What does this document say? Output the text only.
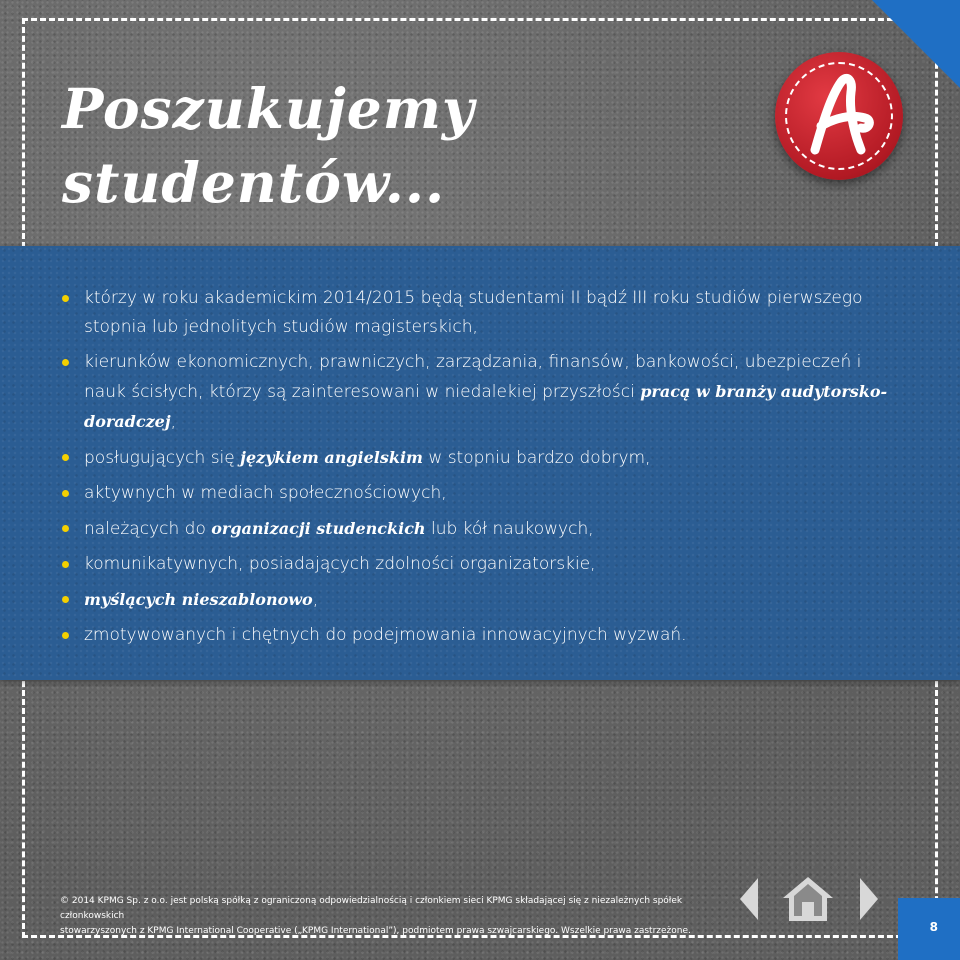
Poszukujemy
studentów...
którzy w roku akademickim 2014/2015 będą studentami II bądź III roku studiów pierwszego stopnia lub jednolitych studiów magisterskich,
kierunków ekonomicznych, prawniczych, zarządzania, finansów, bankowości, ubezpieczeń i nauk ścisłych, którzy są zainteresowani w niedalekiej przyszłości pracą w branży audytorsko-doradczej,
posługujących się językiem angielskim w stopniu bardzo dobrym,
aktywnych w mediach społecznościowych,
należących do organizacji studenckich lub kół naukowych,
komunikatywnych, posiadających zdolności organizatorskie,
myślących nieszablonowo,
zmotywowanych i chętnych do podejmowania innowacyjnych wyzwań.
© 2014 KPMG Sp. z o.o. jest polską spółką z ograniczoną odpowiedzialnością i członkiem sieci KPMG składającej się z niezależnych spółek członkowskich
stowarzyszonych z KPMG International Cooperative („KPMG International”), podmiotem prawa szwajcarskiego. Wszelkie prawa zastrzeżone.	8
